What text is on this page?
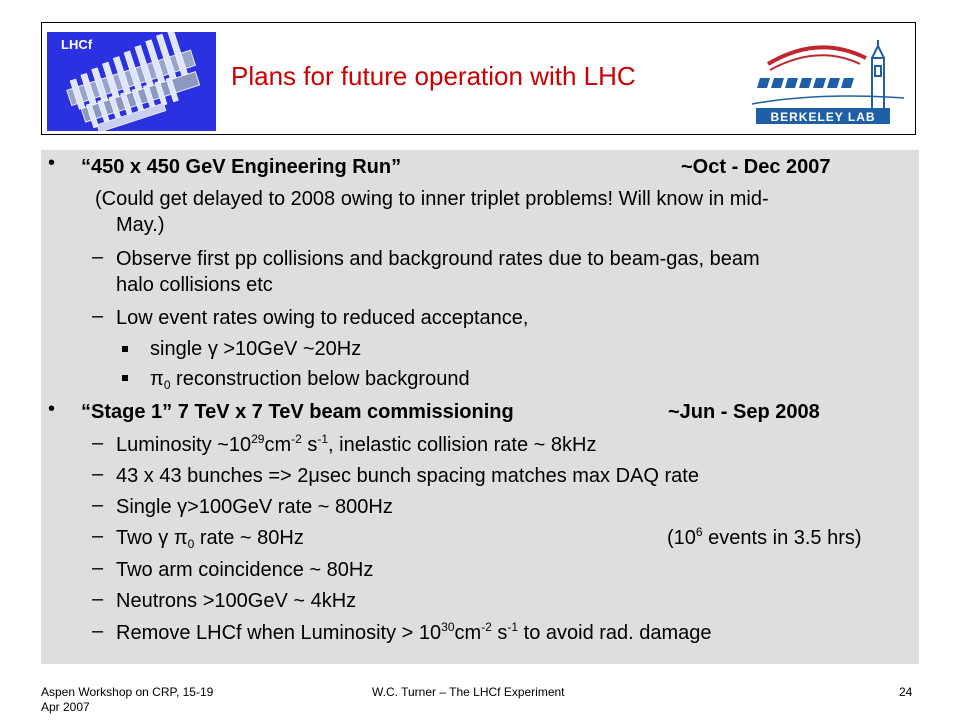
LHCf
Plans for future operation with LHC
BERKELEY LAB
• “450 x 450 GeV Engineering Run”	~Oct - Dec 2007
(Could get delayed to 2008 owing to inner triplet problems! Will know in mid-
May.)
– Observe first pp collisions and background rates due to beam-gas, beam
halo collisions etc
– Low event rates owing to reduced acceptance,
single γ >10GeV ~20Hz
$\pi_0$ reconstruction below background
• “Stage 1” 7 TeV x 7 TeV beam commissioning	~Jun - Sep 2008
– Luminosity $\sim 10^{29}cm^{-2}$ $s^{-1}$, inelastic collision rate ~ 8kHz
– 43 x 43 bunches => 2μsec bunch spacing matches max DAQ rate
– Single γ>100GeV rate ~ 800Hz
– Two γ $\pi_0$ rate ~ 80Hz	($10^6$ events in 3.5 hrs)
– Two arm coincidence ~ 80Hz
– Neutrons >100GeV ~ 4kHz
– Remove LHCf when Luminosity > $10^{30}cm^{-2}$ $s^{-1}$ to avoid rad. damage
Aspen Workshop on CRP, 15-19
Apr 2007
W.C. Turner – The LHCf Experiment	24
